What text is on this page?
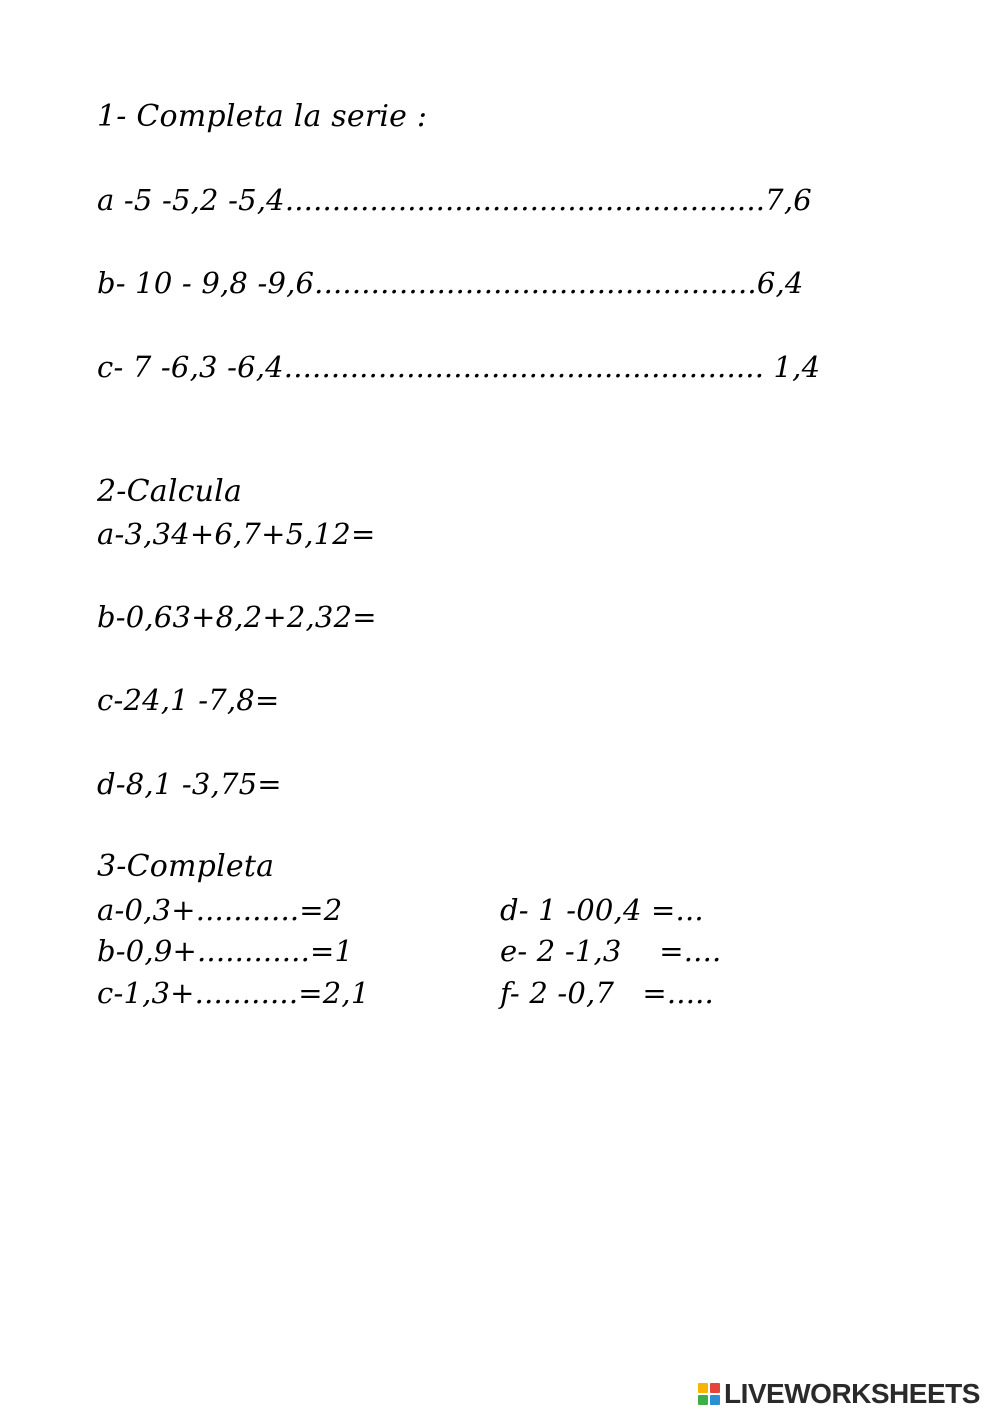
1- Completa la serie :
a -5 -5,2 -5,4...................................................7,6
b- 10 - 9,8 -9,6...............................................6,4
c- 7 -6,3 -6,4................................................... 1,4
2-Calcula
a-3,34+6,7+5,12=
b-0,63+8,2+2,32=
c-24,1 -7,8=
d-8,1 -3,75=
3-Completa
a-0,3+...........=2
b-0,9+............=1
c-1,3+...........=2,1
d- 1 -00,4 =...
e- 2 -1,3    =....
f- 2 -0,7   =.....
LIVEWORKSHEETS
